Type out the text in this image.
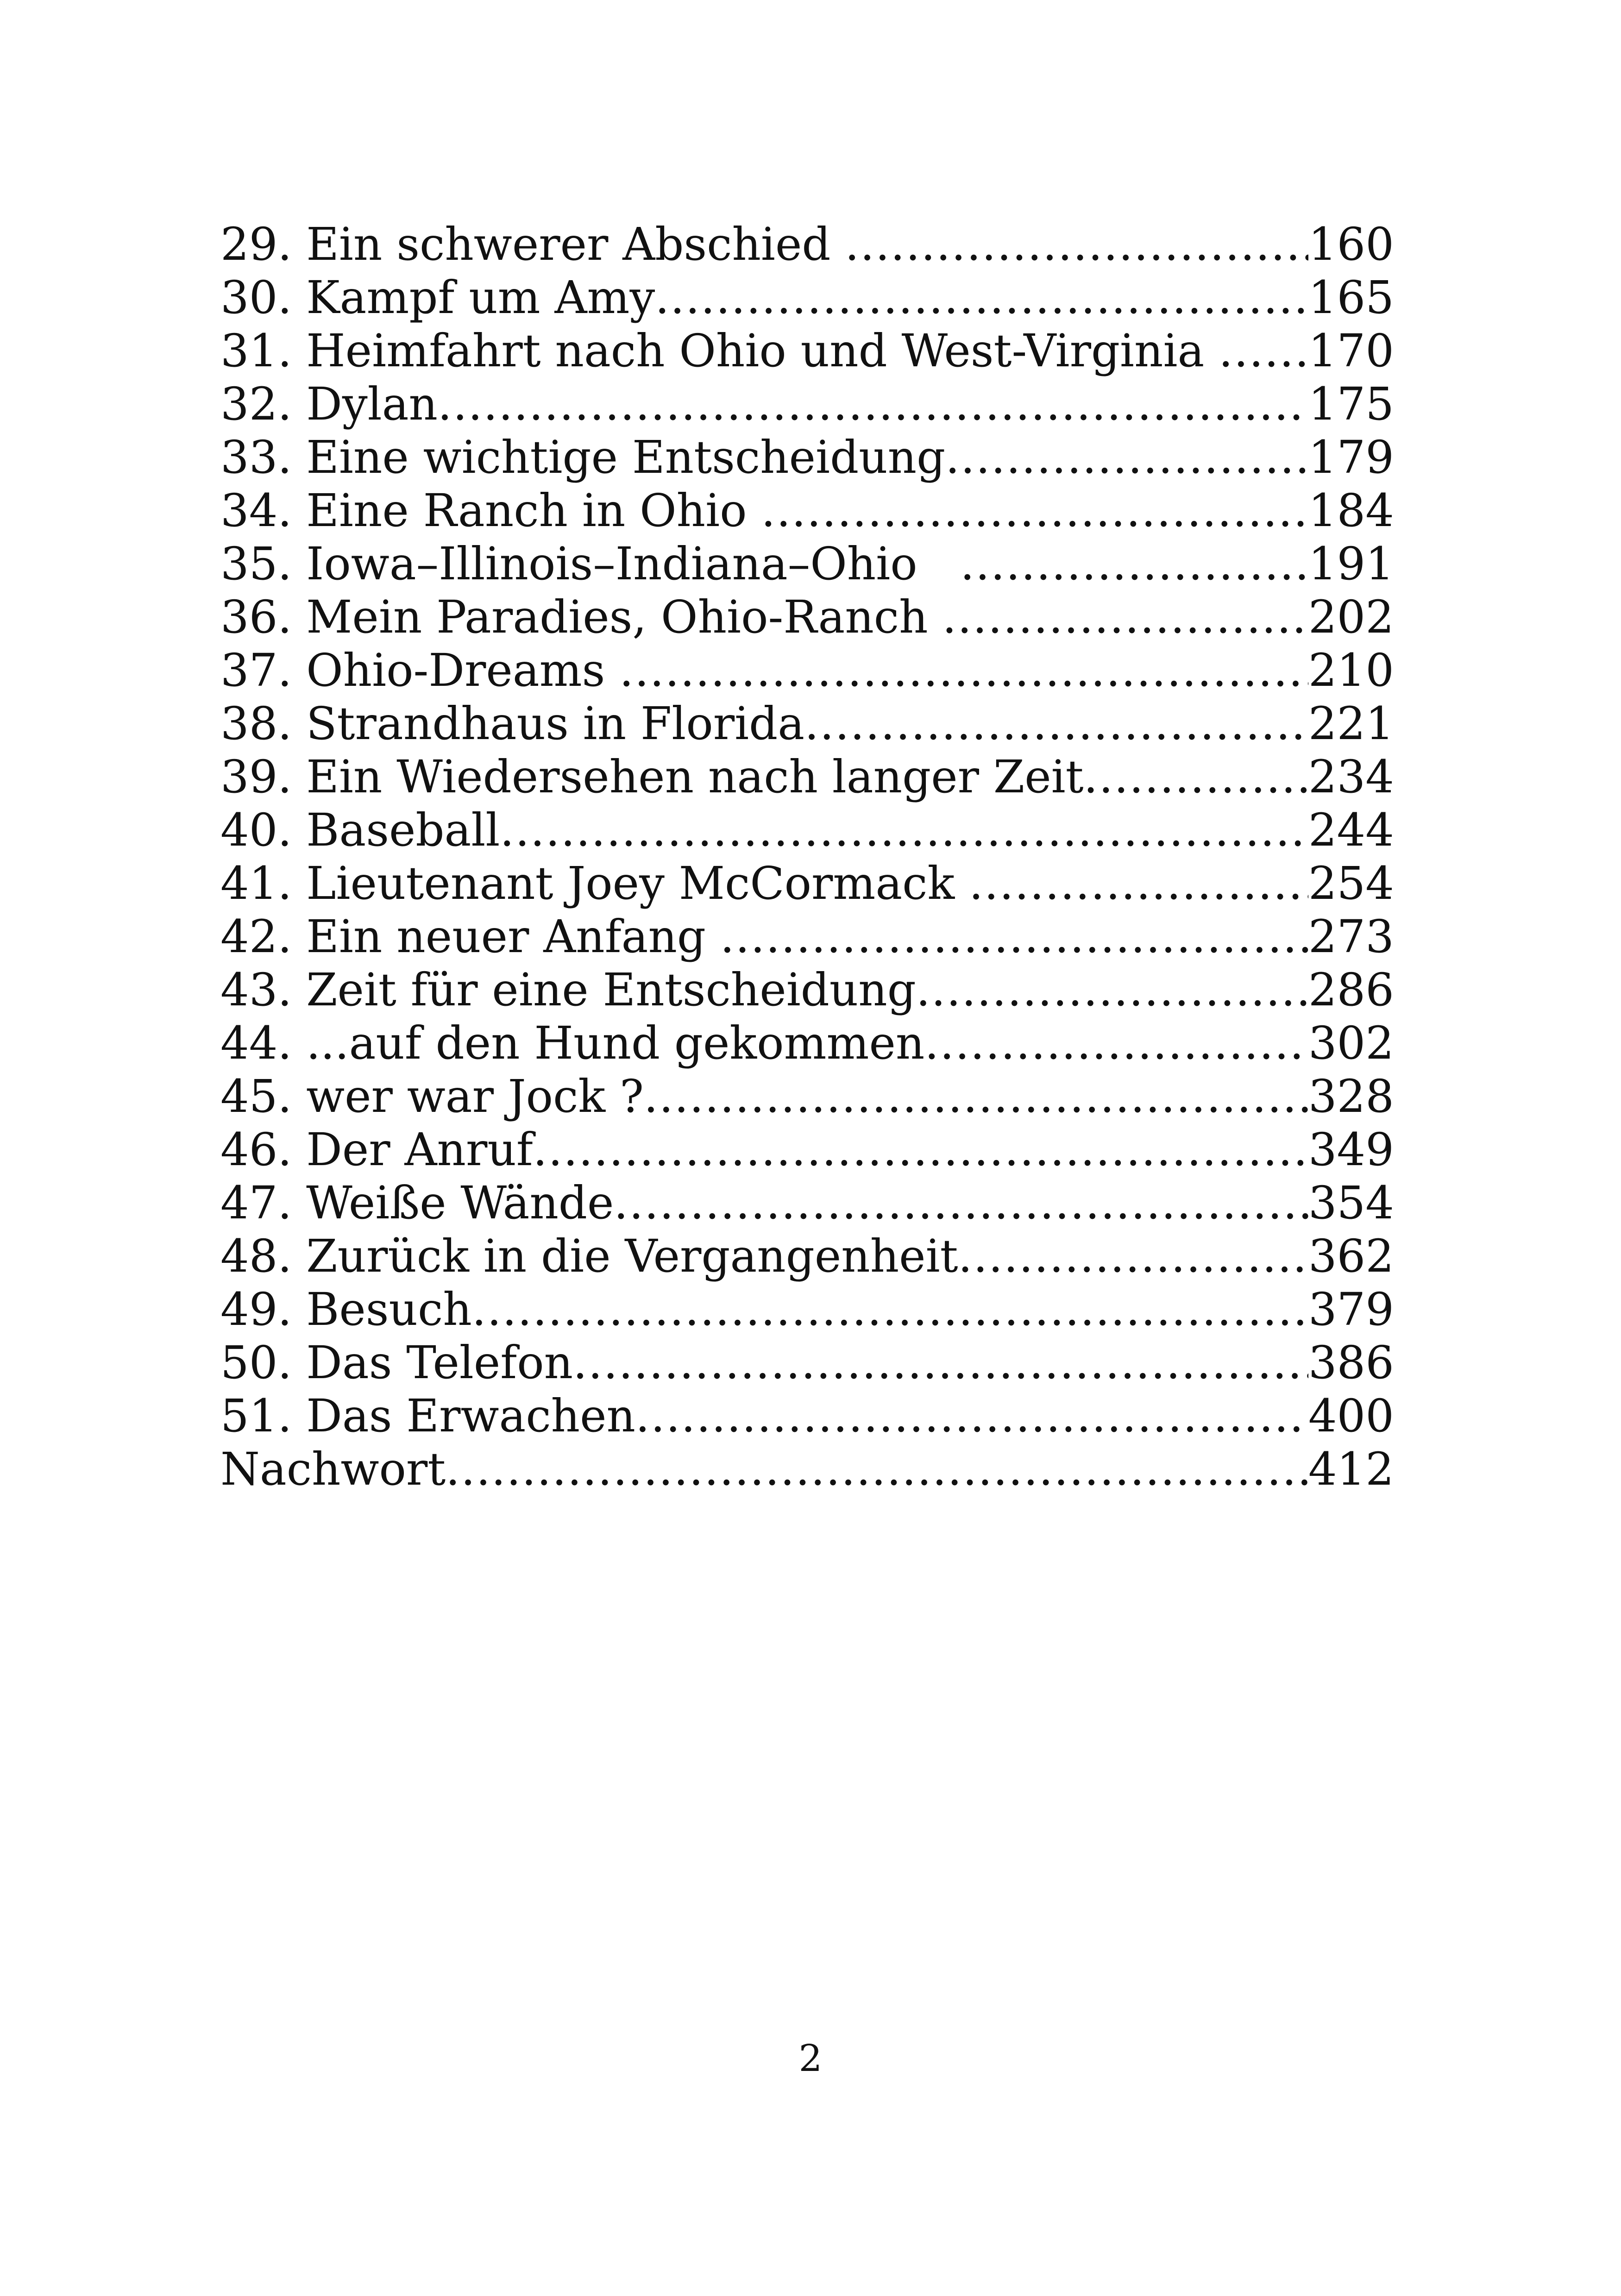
29. Ein schwerer Abschied .....	160
30. Kampf um Amy .....	165
31. Heimfahrt nach Ohio und West-Virginia ..... 170
32. Dylan .....	175
33. Eine wichtige Entscheidung .....	179
34. Eine Ranch in Ohio .....	184
35. Iowa–Illinois–Indiana–Ohio .....	191
36. Mein Paradies, Ohio-Ranch .....	202
37. Ohio-Dreams .....	210
38. Strandhaus in Florida .....	221
39. Ein Wiedersehen nach langer Zeit .....	234
40. Baseball .....	244
41. Lieutenant Joey McCormack .....	254
42. Ein neuer Anfang .....	273
43. Zeit für eine Entscheidung .....	286
44. ...auf den Hund gekommen .....	302
45. wer war Jock ? .....	328
46. Der Anruf .....	349
47. Weiße Wände .....	354
48. Zurück in die Vergangenheit .....	362
49. Besuch .....	379
50. Das Telefon .....	386
51. Das Erwachen .....	400
Nachwort .....	412
2
